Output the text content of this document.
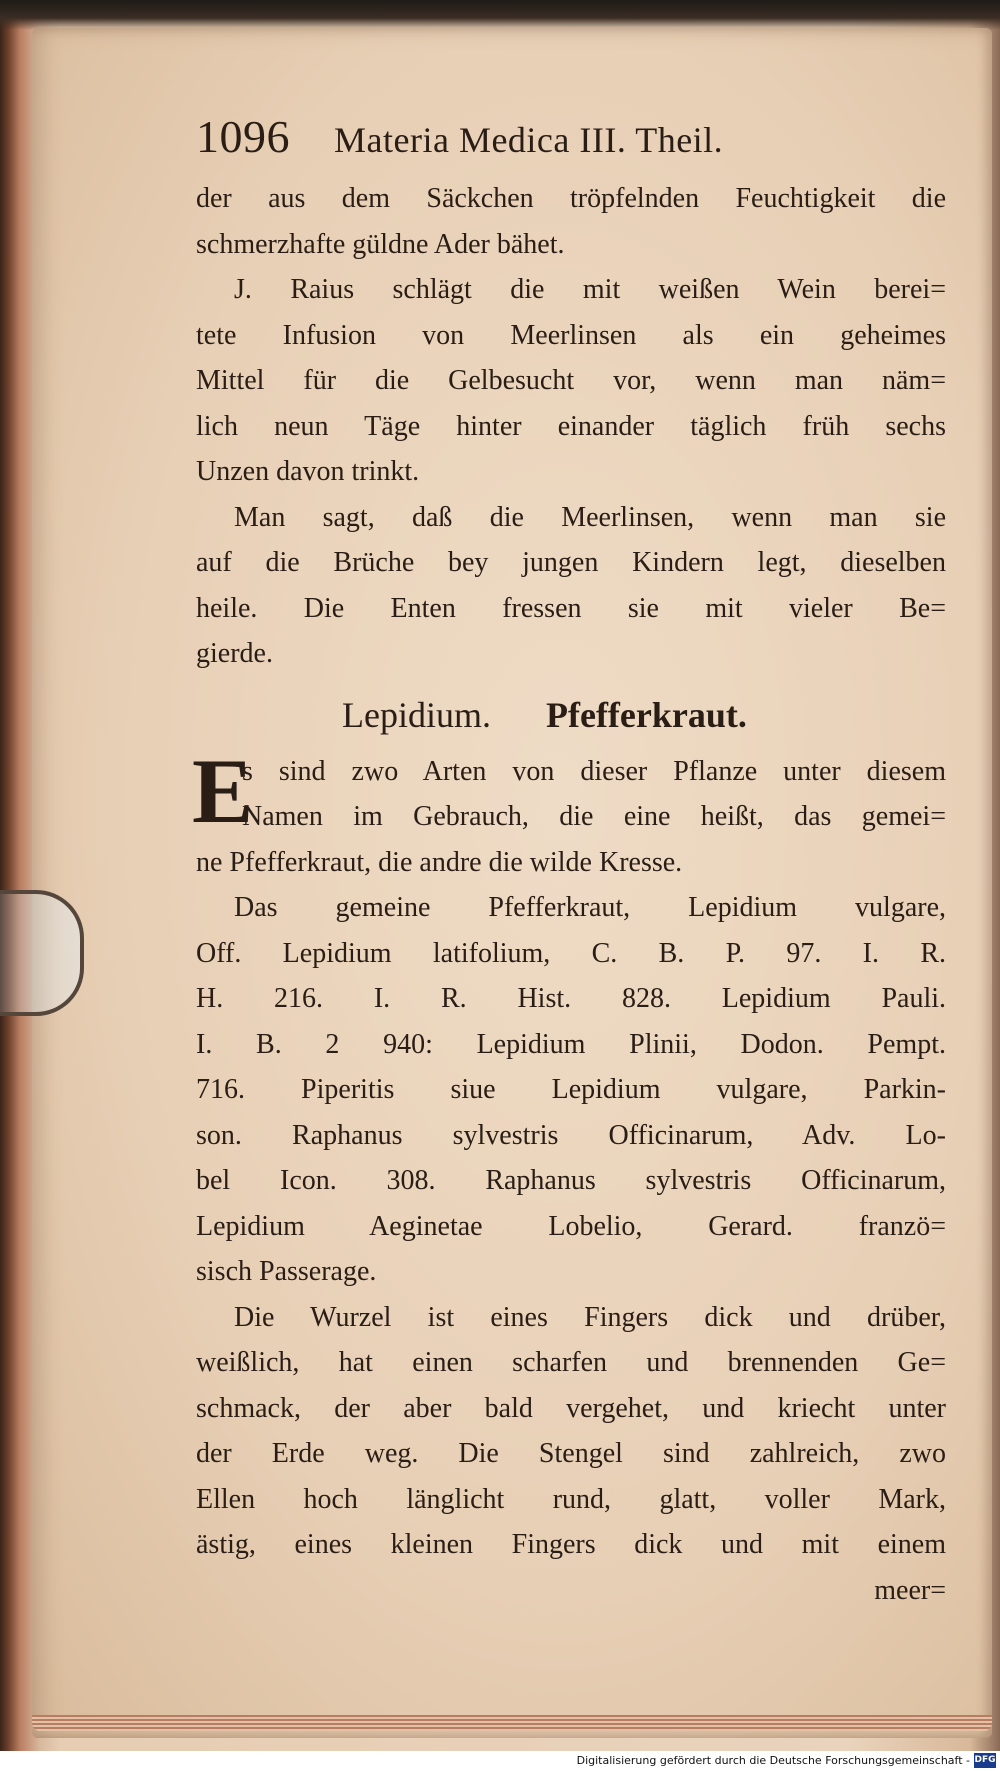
1096 Materia Medica III. Theil.
der aus dem Säckchen tröpfelnden Feuchtigkeit die
schmerzhafte güldne Ader bähet.
J. Raius schlägt die mit weißen Wein berei=
tete Infusion von Meerlinsen als ein geheimes
Mittel für die Gelbesucht vor, wenn man näm=
lich neun Täge hinter einander täglich früh sechs
Unzen davon trinkt.
Man sagt, daß die Meerlinsen, wenn man sie
auf die Brüche bey jungen Kindern legt, dieselben
heile. Die Enten fressen sie mit vieler Be=
gierde.
Lepidium. Pfefferkraut.
E
s sind zwo Arten von dieser Pflanze unter diesem
Namen im Gebrauch, die eine heißt, das gemei=
ne Pfefferkraut, die andre die wilde Kresse.
Das gemeine Pfefferkraut, Lepidium vulgare,
Off. Lepidium latifolium, C. B. P. 97. I. R.
H. 216. I. R. Hist. 828. Lepidium Pauli.
I. B. 2 940: Lepidium Plinii, Dodon. Pempt.
716. Piperitis siue Lepidium vulgare, Parkin-
son. Raphanus sylvestris Officinarum, Adv. Lo-
bel Icon. 308. Raphanus sylvestris Officinarum,
Lepidium Aeginetae Lobelio, Gerard. franzö=
sisch Passerage.
Die Wurzel ist eines Fingers dick und drüber,
weißlich, hat einen scharfen und brennenden Ge=
schmack, der aber bald vergehet, und kriecht unter
der Erde weg. Die Stengel sind zahlreich, zwo
Ellen hoch länglicht rund, glatt, voller Mark,
ästig, eines kleinen Fingers dick und mit einem
meer=
Digitalisierung gefördert durch die Deutsche Forschungsgemeinschaft - DFG
